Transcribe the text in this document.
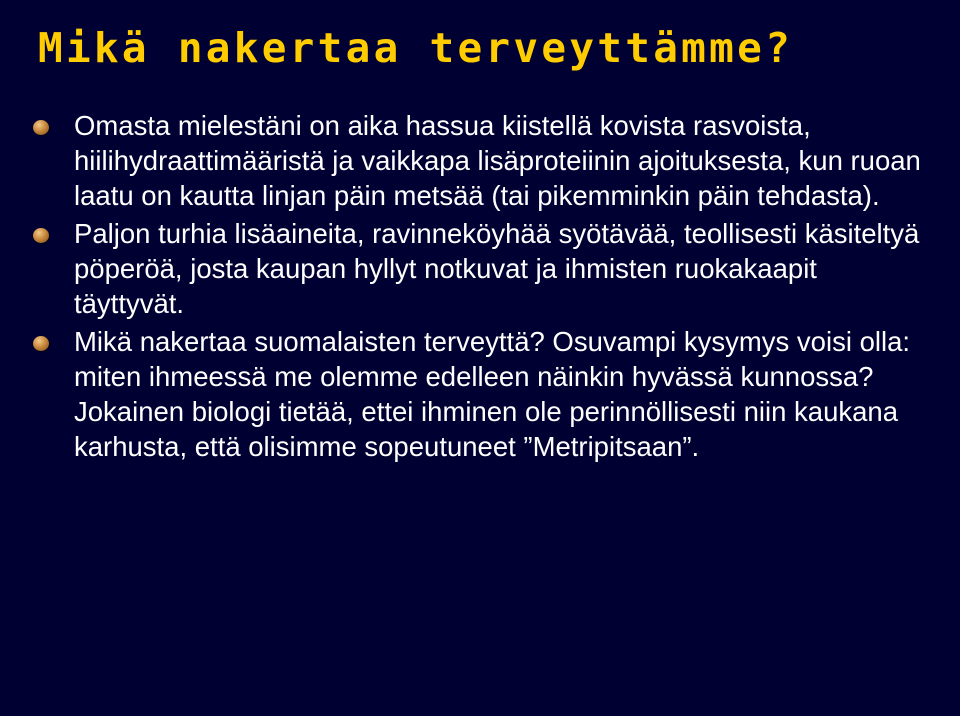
Mikä nakertaa terveyttämme?
Omasta mielestäni on aika hassua kiistellä kovista rasvoista, hiilihydraattimääristä ja vaikkapa lisäproteiinin ajoituksesta, kun ruoan laatu on kautta linjan päin metsää (tai pikemminkin päin tehdasta).
Paljon turhia lisäaineita, ravinneköyhää syötävää, teollisesti käsiteltyä pöperöä, josta kaupan hyllyt notkuvat ja ihmisten ruokakaapit täyttyvät.
Mikä nakertaa suomalaisten terveyttä? Osuvampi kysymys voisi olla: miten ihmeessä me olemme edelleen näinkin hyvässä kunnossa? Jokainen biologi tietää, ettei ihminen ole perinnöllisesti niin kaukana karhusta, että olisimme sopeutuneet ”Metripitsaan”.
